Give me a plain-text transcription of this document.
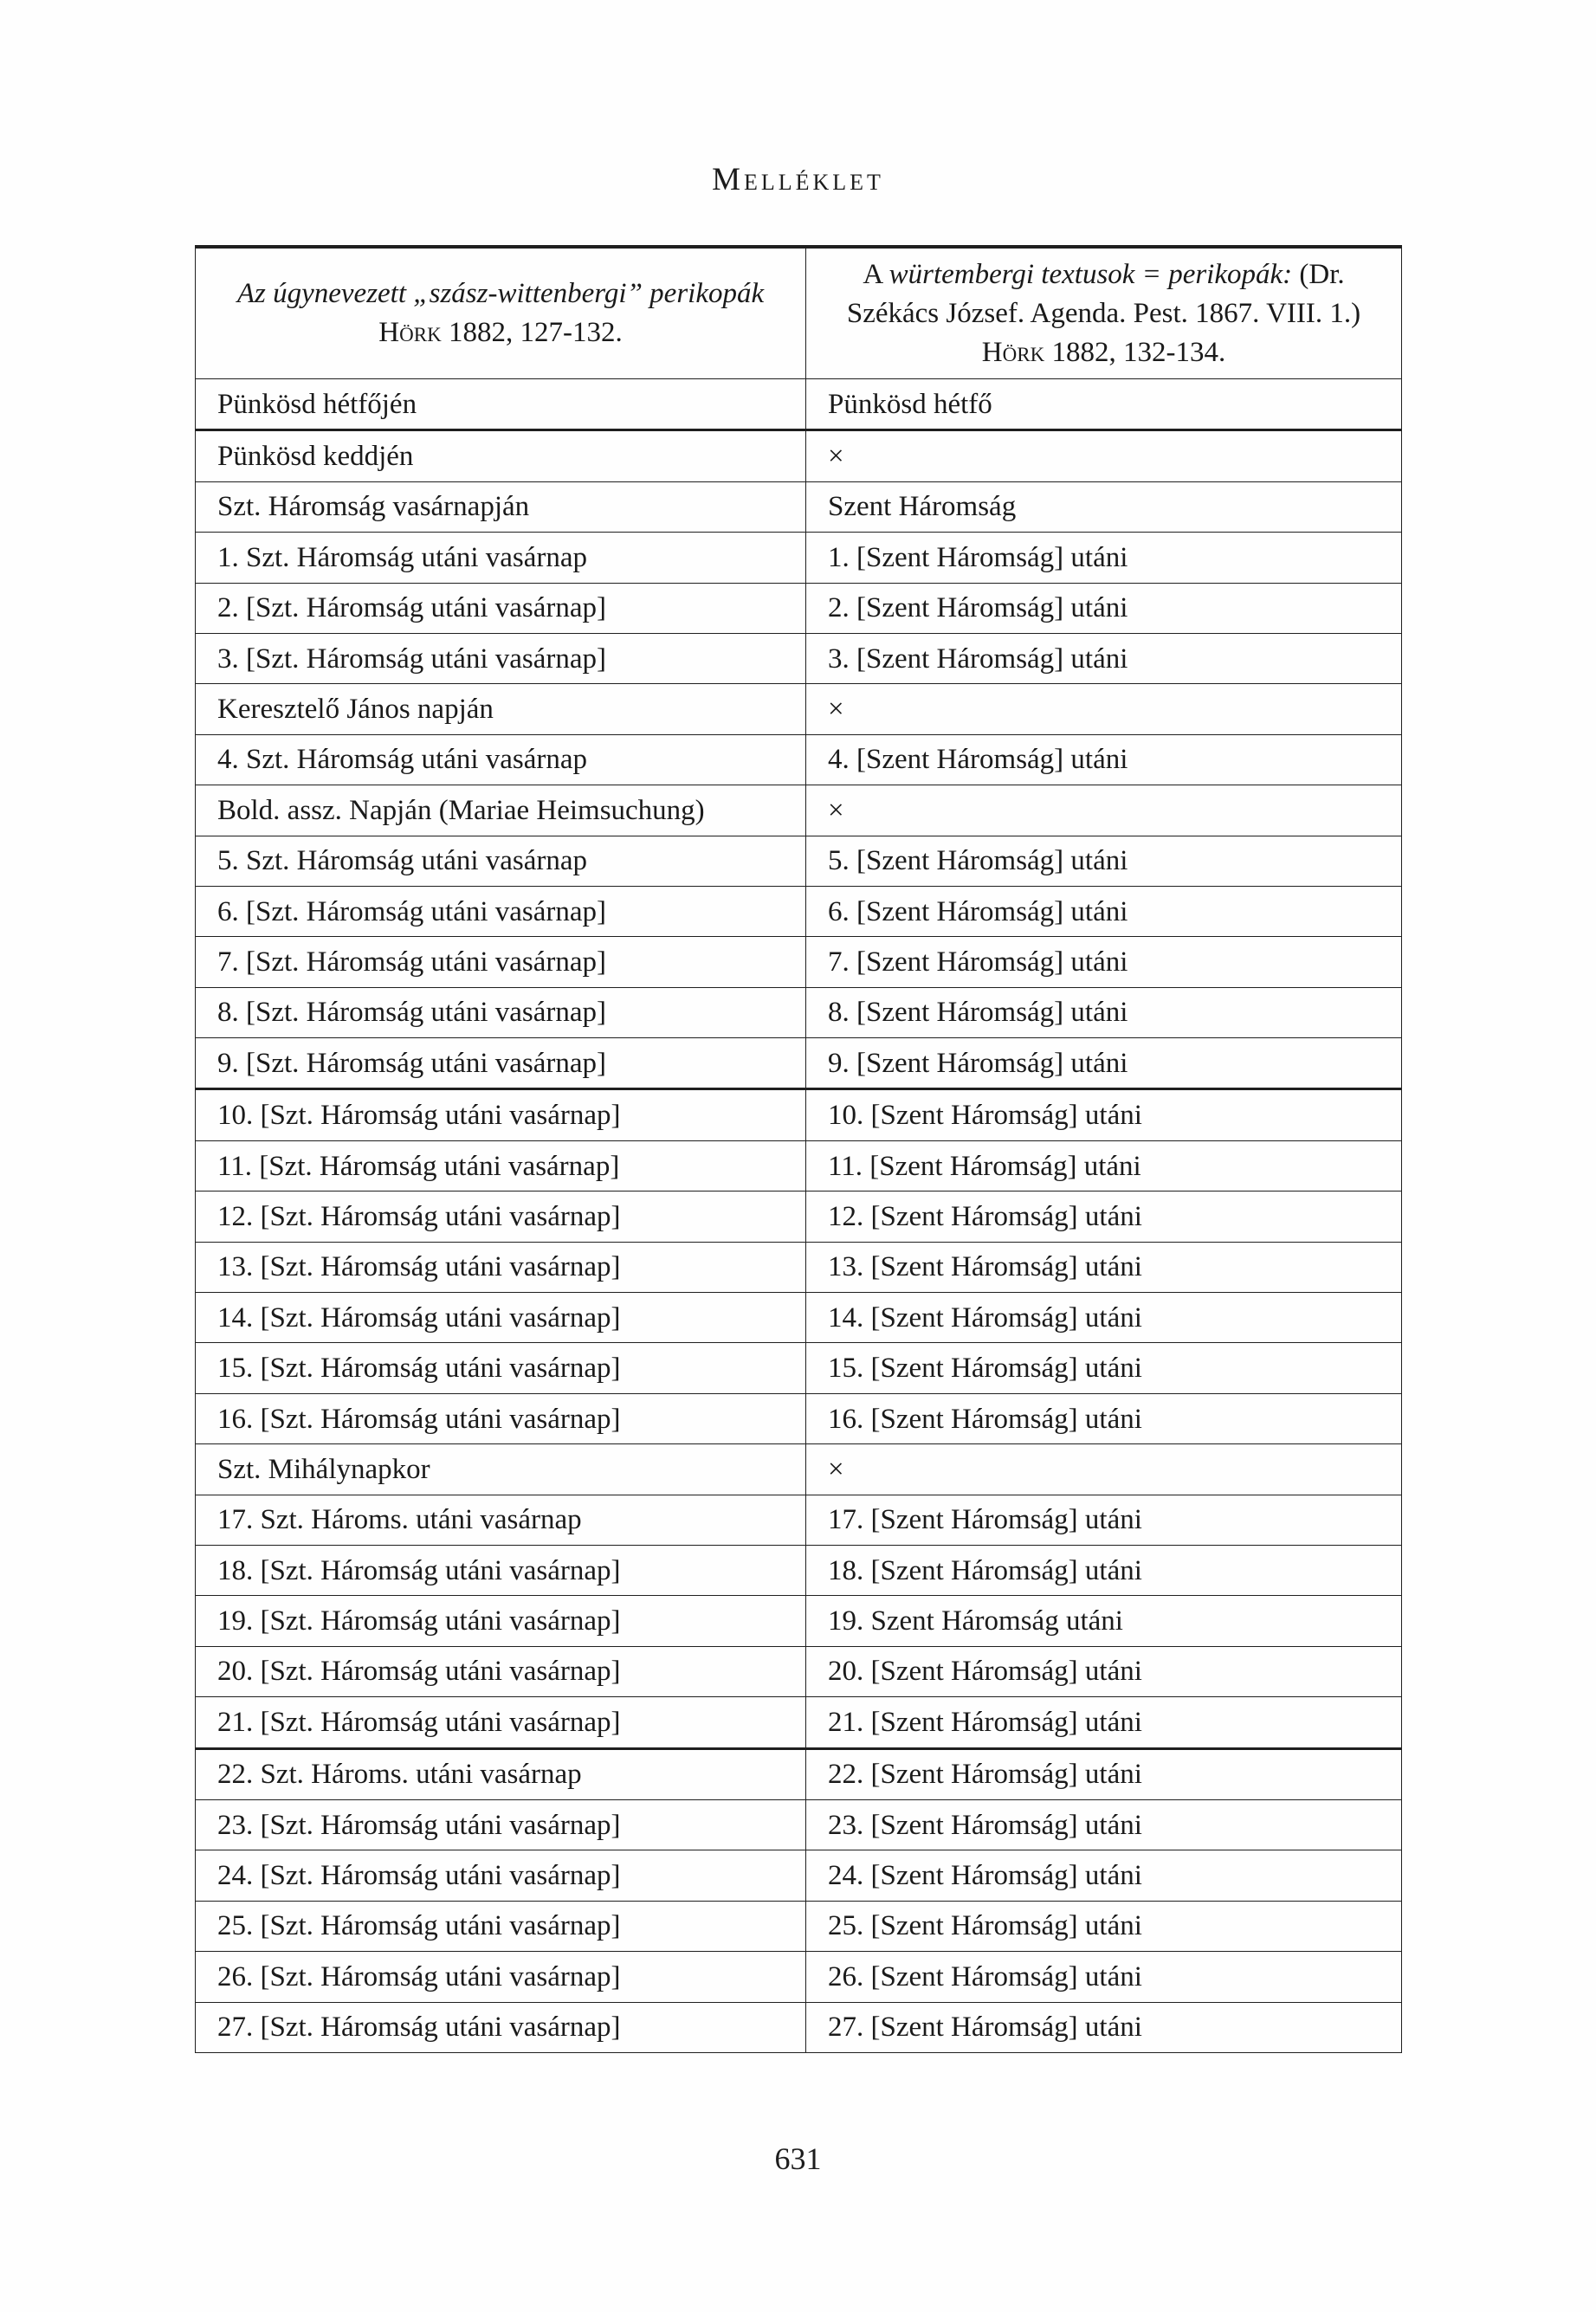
Melléklet
Az úgynevezett „szász-wittenbergi” perikopák
Hörk 1882, 127-132.

A würtembergi textusok = perikopák: (Dr. Székács József. Agenda. Pest. 1867. VIII. 1.)
Hörk 1882, 132-134.

Pünkösd hétfőjén	Pünkösd hétfő
Pünkösd keddjén	×
Szt. Háromság vasárnapján	Szent Háromság
1. Szt. Háromság utáni vasárnap	1. [Szent Háromság] utáni
2. [Szt. Háromság utáni vasárnap]	2. [Szent Háromság] utáni
3. [Szt. Háromság utáni vasárnap]	3. [Szent Háromság] utáni
Keresztelő János napján	×
4. Szt. Háromság utáni vasárnap	4. [Szent Háromság] utáni
Bold. assz. Napján (Mariae Heimsuchung)	×
5. Szt. Háromság utáni vasárnap	5. [Szent Háromság] utáni
6. [Szt. Háromság utáni vasárnap]	6. [Szent Háromság] utáni
7. [Szt. Háromság utáni vasárnap]	7. [Szent Háromság] utáni
8. [Szt. Háromság utáni vasárnap]	8. [Szent Háromság] utáni
9. [Szt. Háromság utáni vasárnap]	9. [Szent Háromság] utáni
10. [Szt. Háromság utáni vasárnap]	10. [Szent Háromság] utáni
11. [Szt. Háromság utáni vasárnap]	11. [Szent Háromság] utáni
12. [Szt. Háromság utáni vasárnap]	12. [Szent Háromság] utáni
13. [Szt. Háromság utáni vasárnap]	13. [Szent Háromság] utáni
14. [Szt. Háromság utáni vasárnap]	14. [Szent Háromság] utáni
15. [Szt. Háromság utáni vasárnap]	15. [Szent Háromság] utáni
16. [Szt. Háromság utáni vasárnap]	16. [Szent Háromság] utáni
Szt. Mihálynapkor	×
17. Szt. Hároms. utáni vasárnap	17. [Szent Háromság] utáni
18. [Szt. Háromság utáni vasárnap]	18. [Szent Háromság] utáni
19. [Szt. Háromság utáni vasárnap]	19. Szent Háromság utáni
20. [Szt. Háromság utáni vasárnap]	20. [Szent Háromság] utáni
21. [Szt. Háromság utáni vasárnap]	21. [Szent Háromság] utáni
22. Szt. Hároms. utáni vasárnap	22. [Szent Háromság] utáni
23. [Szt. Háromság utáni vasárnap]	23. [Szent Háromság] utáni
24. [Szt. Háromság utáni vasárnap]	24. [Szent Háromság] utáni
25. [Szt. Háromság utáni vasárnap]	25. [Szent Háromság] utáni
26. [Szt. Háromság utáni vasárnap]	26. [Szent Háromság] utáni
27. [Szt. Háromság utáni vasárnap]	27. [Szent Háromság] utáni
631
